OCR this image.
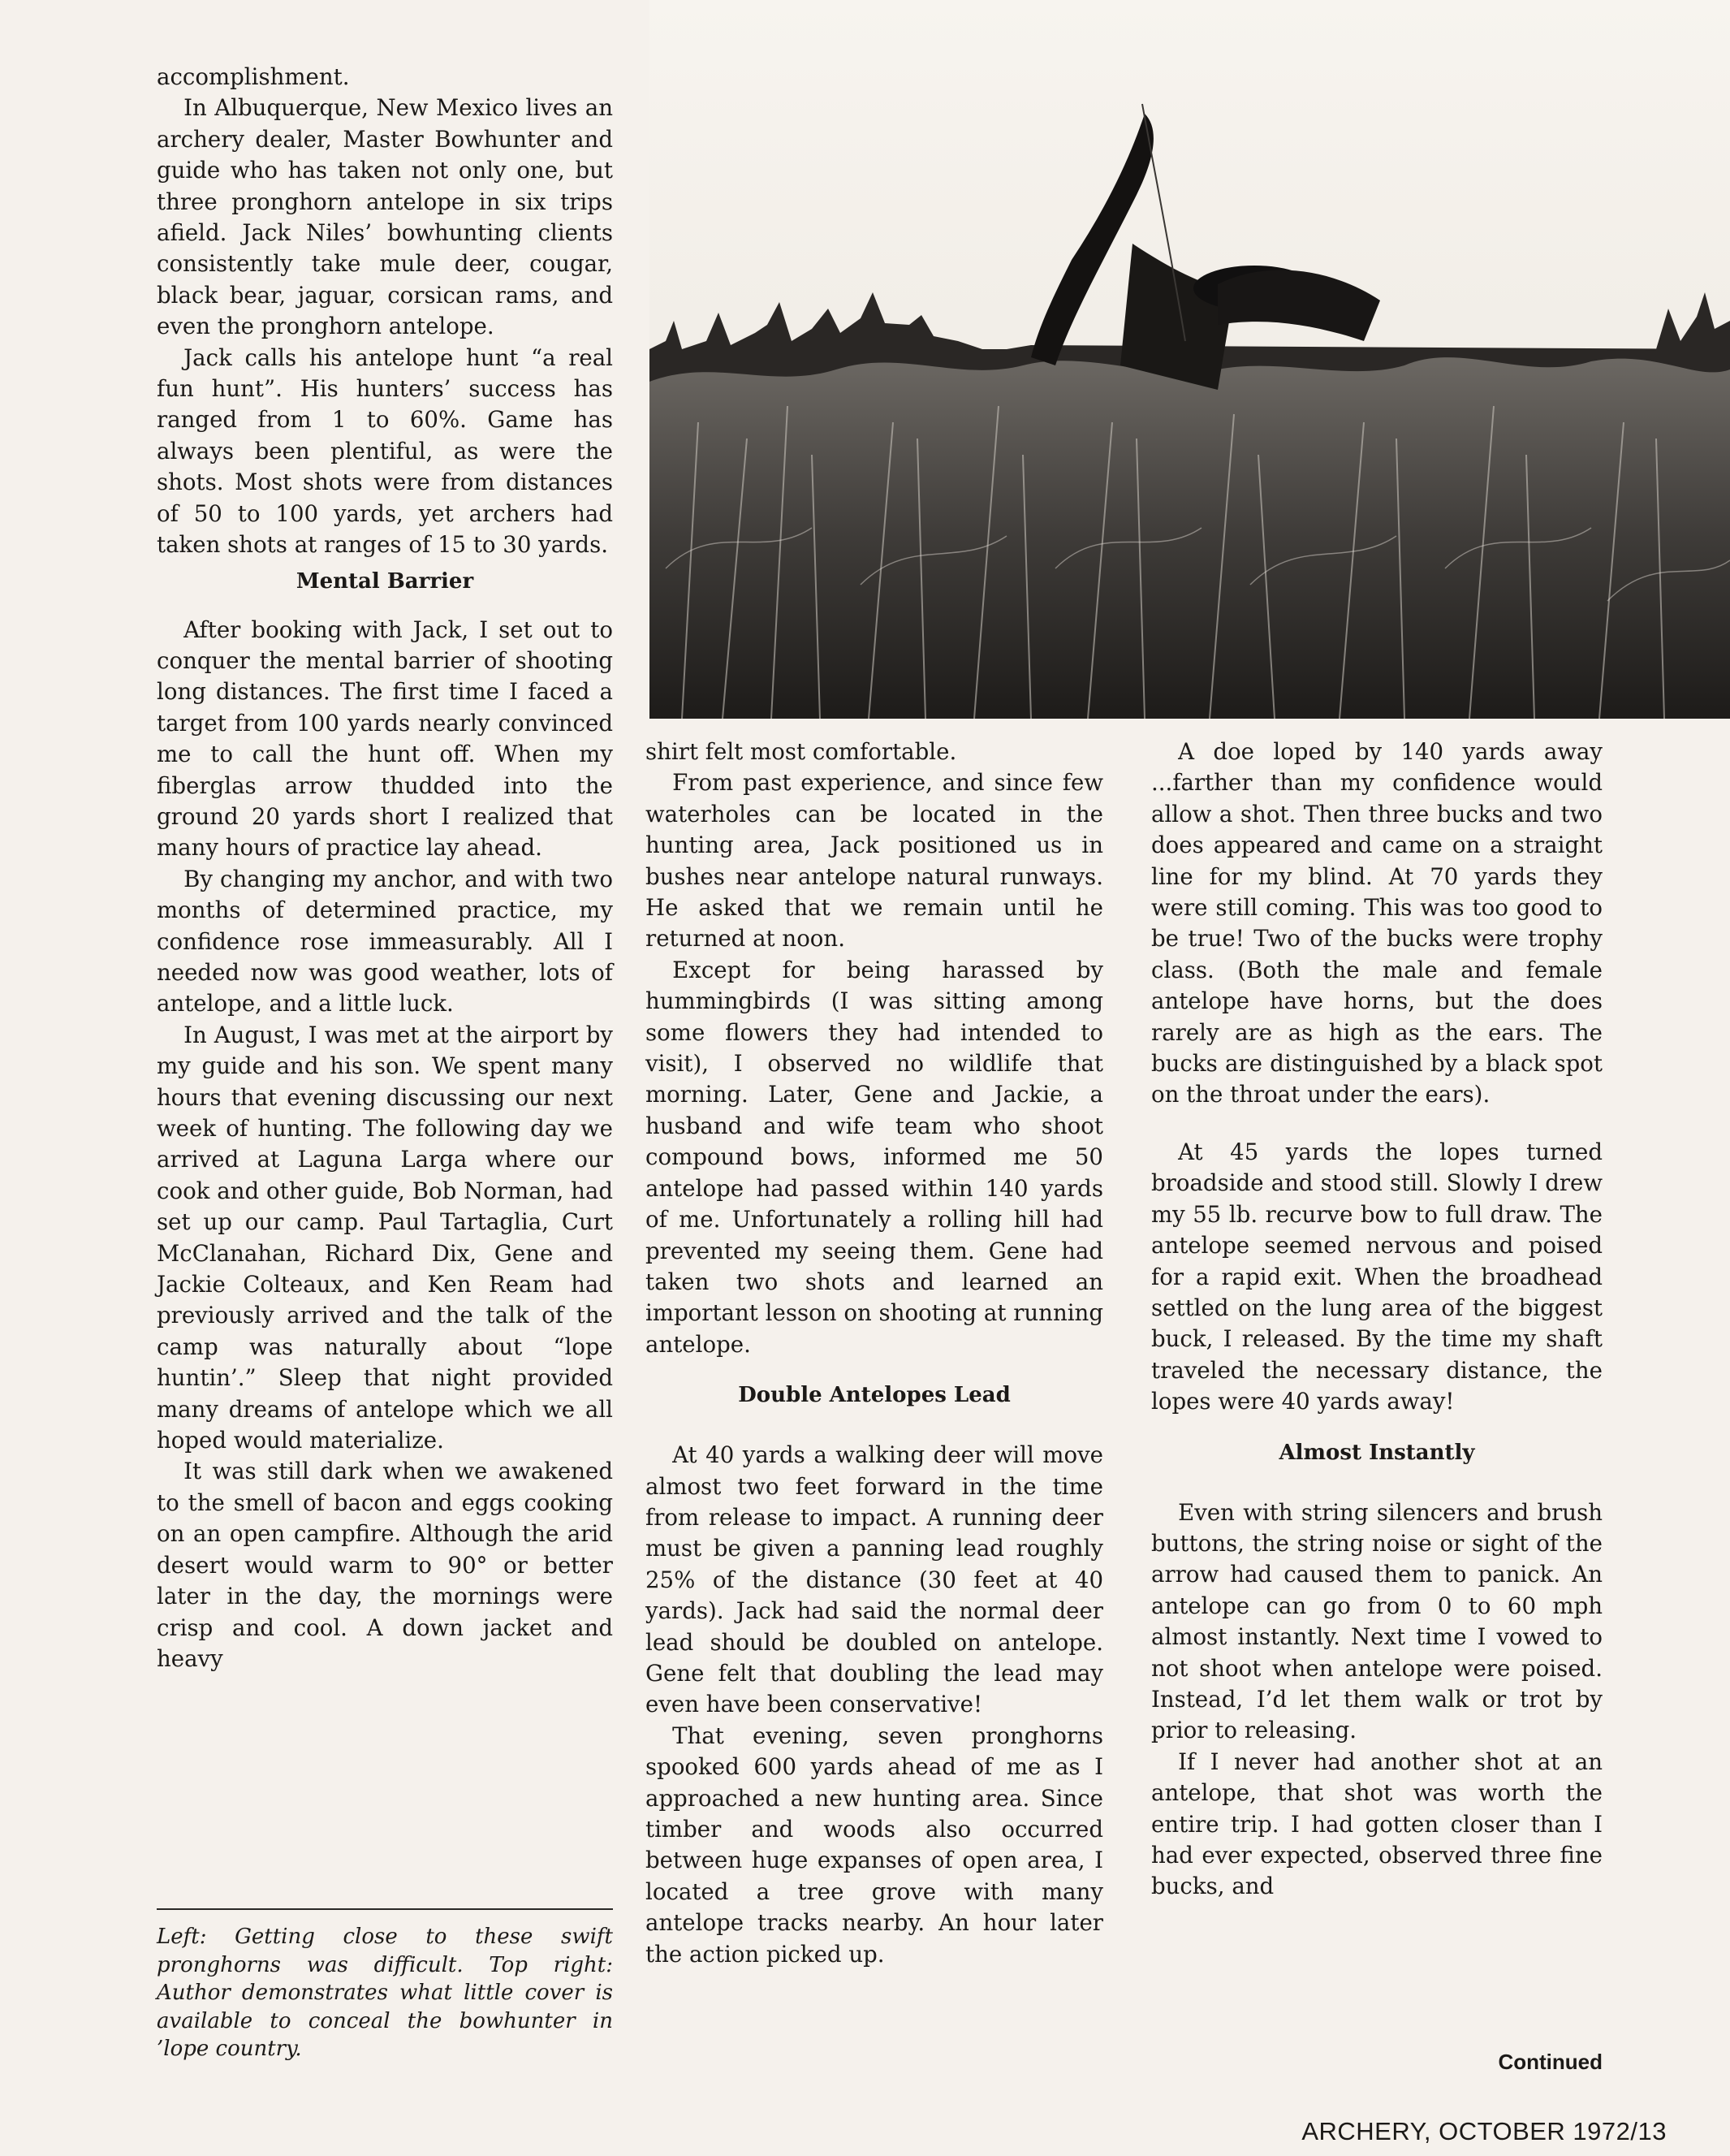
accomplishment.

In Albuquerque, New Mexico lives an archery dealer, Master Bowhunter and guide who has taken not only one, but three pronghorn antelope in six trips afield. Jack Niles’ bowhunting clients consistently take mule deer, cougar, black bear, jaguar, corsican rams, and even the pronghorn antelope.

Jack calls his antelope hunt “a real fun hunt”. His hunters’ success has ranged from 1 to 60%. Game has always been plentiful, as were the shots. Most shots were from distances of 50 to 100 yards, yet archers had taken shots at ranges of 15 to 30 yards.

Mental Barrier

After booking with Jack, I set out to conquer the mental barrier of shooting long distances. The first time I faced a target from 100 yards nearly convinced me to call the hunt off. When my fiberglas arrow thudded into the ground 20 yards short I realized that many hours of practice lay ahead.

By changing my anchor, and with two months of determined practice, my confidence rose immeasurably. All I needed now was good weather, lots of antelope, and a little luck.

In August, I was met at the airport by my guide and his son. We spent many hours that evening discussing our next week of hunting. The following day we arrived at Laguna Larga where our cook and other guide, Bob Norman, had set up our camp. Paul Tartaglia, Curt McClanahan, Richard Dix, Gene and Jackie Colteaux, and Ken Ream had previously arrived and the talk of the camp was naturally about “lope huntin’.” Sleep that night provided many dreams of antelope which we all hoped would materialize.

It was still dark when we awakened to the smell of bacon and eggs cooking on an open campfire. Although the arid desert would warm to 90° or better later in the day, the mornings were crisp and cool. A down jacket and heavy

Left: Getting close to these swift pronghorns was difficult. Top right: Author demonstrates what little cover is available to conceal the bowhunter in ’lope country.

shirt felt most comfortable.

From past experience, and since few waterholes can be located in the hunting area, Jack positioned us in bushes near antelope natural runways. He asked that we remain until he returned at noon.

Except for being harassed by hummingbirds (I was sitting among some flowers they had intended to visit), I observed no wildlife that morning. Later, Gene and Jackie, a husband and wife team who shoot compound bows, informed me 50 antelope had passed within 140 yards of me. Unfortunately a rolling hill had prevented my seeing them. Gene had taken two shots and learned an important lesson on shooting at running antelope.

Double Antelopes Lead

At 40 yards a walking deer will move almost two feet forward in the time from release to impact. A running deer must be given a panning lead roughly 25% of the distance (30 feet at 40 yards). Jack had said the normal deer lead should be doubled on antelope. Gene felt that doubling the lead may even have been conservative!

That evening, seven pronghorns spooked 600 yards ahead of me as I approached a new hunting area. Since timber and woods also occurred between huge expanses of open area, I located a tree grove with many antelope tracks nearby. An hour later the action picked up.

A doe loped by 140 yards away ...farther than my confidence would allow a shot. Then three bucks and two does appeared and came on a straight line for my blind. At 70 yards they were still coming. This was too good to be true! Two of the bucks were trophy class. (Both the male and female antelope have horns, but the does rarely are as high as the ears. The bucks are distinguished by a black spot on the throat under the ears).

At 45 yards the lopes turned broadside and stood still. Slowly I drew my 55 lb. recurve bow to full draw. The antelope seemed nervous and poised for a rapid exit. When the broadhead settled on the lung area of the biggest buck, I released. By the time my shaft traveled the necessary distance, the lopes were 40 yards away!

Almost Instantly

Even with string silencers and brush buttons, the string noise or sight of the arrow had caused them to panick. An antelope can go from 0 to 60 mph almost instantly. Next time I vowed to not shoot when antelope were poised. Instead, I’d let them walk or trot by prior to releasing.

If I never had another shot at an antelope, that shot was worth the entire trip. I had gotten closer than I had ever expected, observed three fine bucks, and

Continued
ARCHERY, OCTOBER 1972/13
